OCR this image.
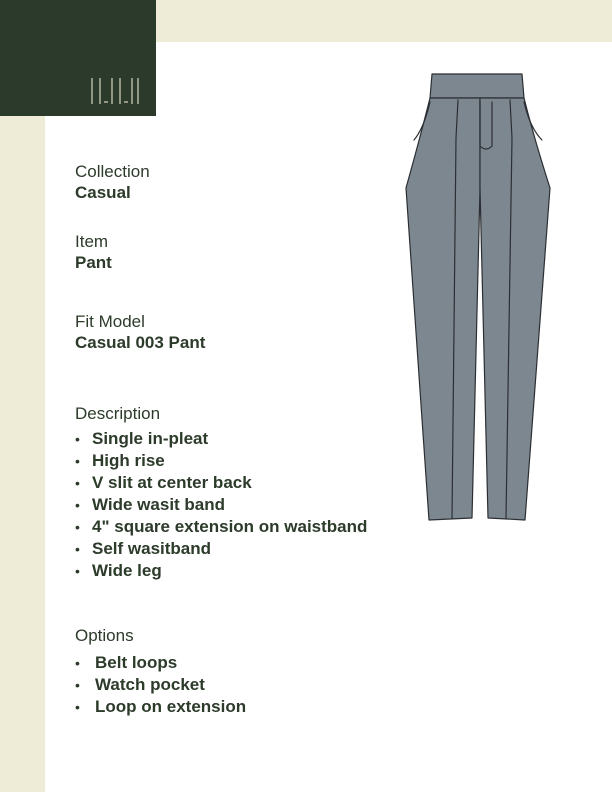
Collection
Casual
Item
Pant
Fit Model
Casual 003 Pant
Description
• Single in-pleat
• High rise
• V slit at center back
• Wide wasit band
• 4" square extension on waistband
• Self wasitband
• Wide leg
Options
• Belt loops
• Watch pocket
• Loop on extension
